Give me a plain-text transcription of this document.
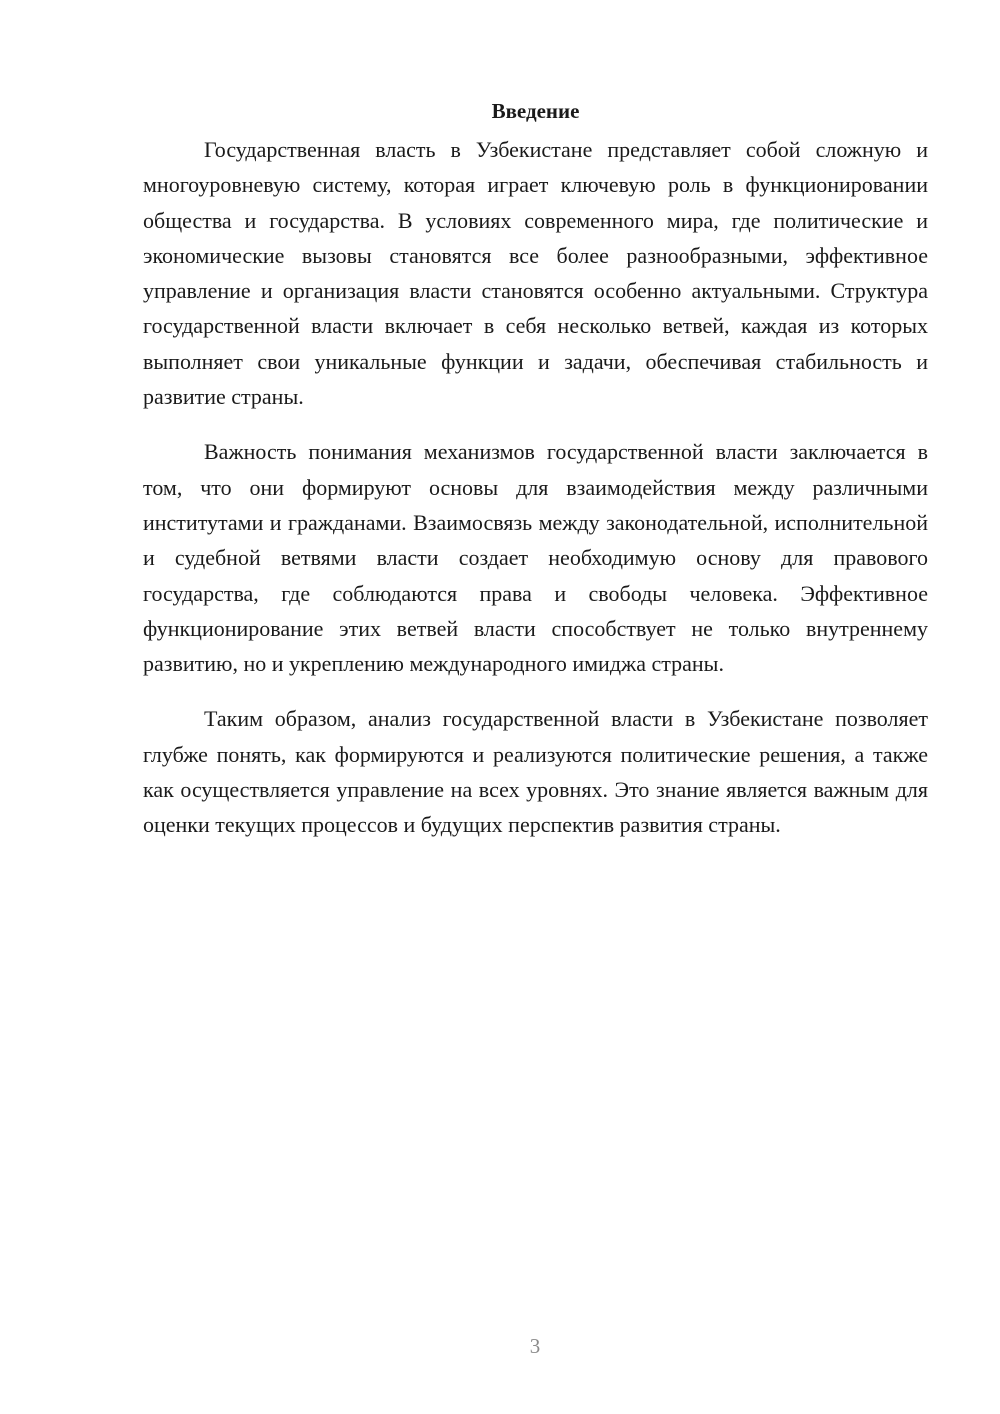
Введение

Государственная власть в Узбекистане представляет собой сложную и многоуровневую систему, которая играет ключевую роль в функционировании общества и государства. В условиях современного мира, где политические и экономические вызовы становятся все более разнообразными, эффективное управление и организация власти становятся особенно актуальными. Структура государственной власти включает в себя несколько ветвей, каждая из которых выполняет свои уникальные функции и задачи, обеспечивая стабильность и развитие страны.

Важность понимания механизмов государственной власти заключается в том, что они формируют основы для взаимодействия между различными институтами и гражданами. Взаимосвязь между законодательной, исполнительной и судебной ветвями власти создает необходимую основу для правового государства, где соблюдаются права и свободы человека. Эффективное функционирование этих ветвей власти способствует не только внутреннему развитию, но и укреплению международного имиджа страны.

Таким образом, анализ государственной власти в Узбекистане позволяет глубже понять, как формируются и реализуются политические решения, а также как осуществляется управление на всех уровнях. Это знание является важным для оценки текущих процессов и будущих перспектив развития страны.

3
